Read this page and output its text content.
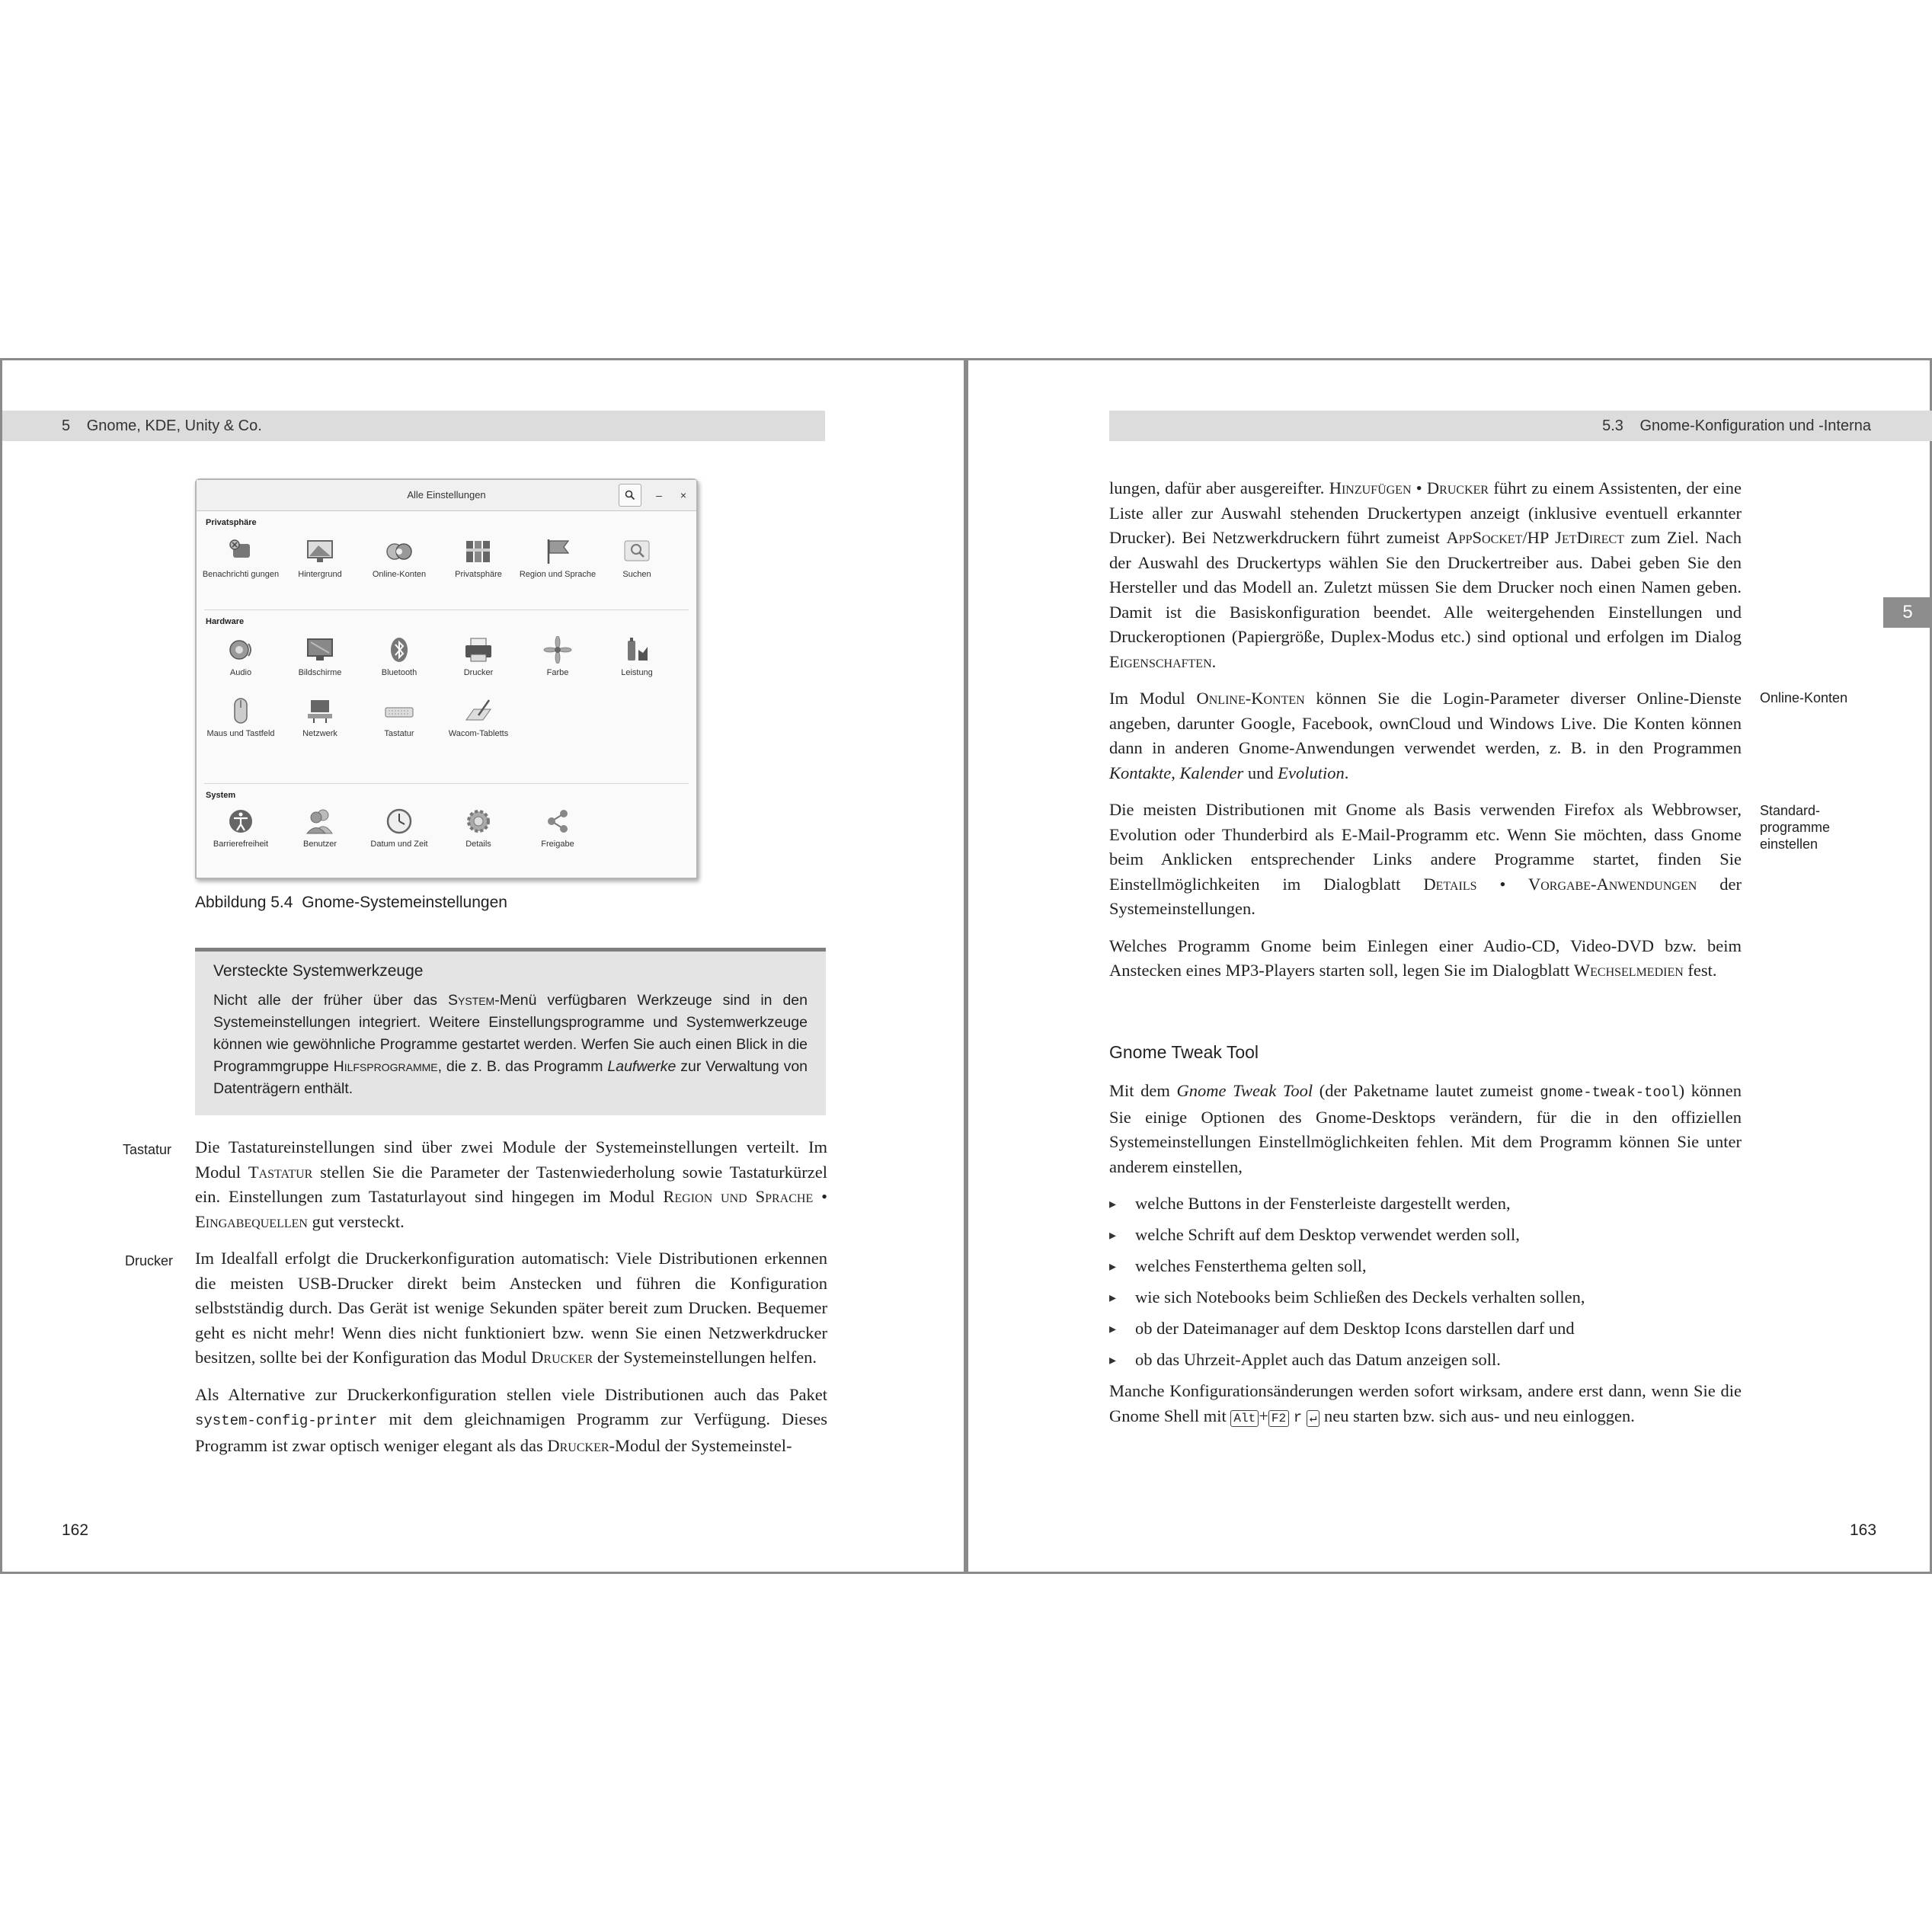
5 Gnome, KDE, Unity & Co.
Alle Einstellungen	–	×
Privatsphäre
Benachrichti gungen	Hintergrund	Online-Konten	Privatsphäre	Region und Sprache	Suchen
Hardware
Audio	Bildschirme	Bluetooth	Drucker	Farbe	Leistung
Maus und Tastfeld	Netzwerk	Tastatur	Wacom-Tabletts
System
Barrierefreiheit	Benutzer	Datum und Zeit	Details	Freigabe
Abbildung 5.4 Gnome-Systemeinstellungen
Versteckte Systemwerkzeuge

Nicht alle der früher über das System-Menü verfügbaren Werkzeuge sind in den Systemeinstellungen integriert. Weitere Einstellungsprogramme und Systemwerkzeuge können wie gewöhnliche Programme gestartet werden. Werfen Sie auch einen Blick in die Programmgruppe Hilfsprogramme, die z. B. das Programm Laufwerke zur Verwaltung von Datenträgern enthält.

Tastatur
Drucker

Die Tastatureinstellungen sind über zwei Module der Systemeinstellungen verteilt. Im Modul Tastatur stellen Sie die Parameter der Tastenwiederholung sowie Tastaturkürzel ein. Einstellungen zum Tastaturlayout sind hingegen im Modul Region und Sprache • Eingabequellen gut versteckt.

Im Idealfall erfolgt die Druckerkonfiguration automatisch: Viele Distributionen erkennen die meisten USB-Drucker direkt beim Anstecken und führen die Konfiguration selbstständig durch. Das Gerät ist wenige Sekunden später bereit zum Drucken. Bequemer geht es nicht mehr! Wenn dies nicht funktioniert bzw. wenn Sie einen Netzwerkdrucker besitzen, sollte bei der Konfiguration das Modul Drucker der Systemeinstellungen helfen.

Als Alternative zur Druckerkonfiguration stellen viele Distributionen auch das Paket system-config-printer mit dem gleichnamigen Programm zur Verfügung. Dieses Programm ist zwar optisch weniger elegant als das Drucker-Modul der Systemeinstel-

162
5.3 Gnome-Konfiguration und -Interna

lungen, dafür aber ausgereifter. Hinzufügen • Drucker führt zu einem Assistenten, der eine Liste aller zur Auswahl stehenden Druckertypen anzeigt (inklusive eventuell erkannter Drucker). Bei Netzwerkdruckern führt zumeist AppSocket/HP JetDirect zum Ziel. Nach der Auswahl des Druckertyps wählen Sie den Druckertreiber aus. Dabei geben Sie den Hersteller und das Modell an. Zuletzt müssen Sie dem Drucker noch einen Namen geben. Damit ist die Basiskonfiguration beendet. Alle weitergehenden Einstellungen und Druckeroptionen (Papiergröße, Duplex-Modus etc.) sind optional und erfolgen im Dialog Eigenschaften.

Im Modul Online-Konten können Sie die Login-Parameter diverser Online-Dienste angeben, darunter Google, Facebook, ownCloud und Windows Live. Die Konten können dann in anderen Gnome-Anwendungen verwendet werden, z. B. in den Programmen Kontakte, Kalender und Evolution.

Die meisten Distributionen mit Gnome als Basis verwenden Firefox als Webbrowser, Evolution oder Thunderbird als E-Mail-Programm etc. Wenn Sie möchten, dass Gnome beim Anklicken entsprechender Links andere Programme startet, finden Sie Einstellmöglichkeiten im Dialogblatt Details • Vorgabe-Anwendungen der Systemeinstellungen.

Welches Programm Gnome beim Einlegen einer Audio-CD, Video-DVD bzw. beim Anstecken eines MP3-Players starten soll, legen Sie im Dialogblatt Wechselmedien fest.

Online-Konten
Standard-
programme
einstellen
Gnome Tweak Tool

Mit dem Gnome Tweak Tool (der Paketname lautet zumeist gnome-tweak-tool) können Sie einige Optionen des Gnome-Desktops verändern, für die in den offiziellen Systemeinstellungen Einstellmöglichkeiten fehlen. Mit dem Programm können Sie unter anderem einstellen,

▸ welche Buttons in der Fensterleiste dargestellt werden,
▸ welche Schrift auf dem Desktop verwendet werden soll,
▸ welches Fensterthema gelten soll,
▸ wie sich Notebooks beim Schließen des Deckels verhalten sollen,
▸ ob der Dateimanager auf dem Desktop Icons darstellen darf und
▸ ob das Uhrzeit-Applet auch das Datum anzeigen soll.

Manche Konfigurationsänderungen werden sofort wirksam, andere erst dann, wenn Sie die Gnome Shell mit Alt + F2 r ↵ neu starten bzw. sich aus- und neu einloggen.

163
5
